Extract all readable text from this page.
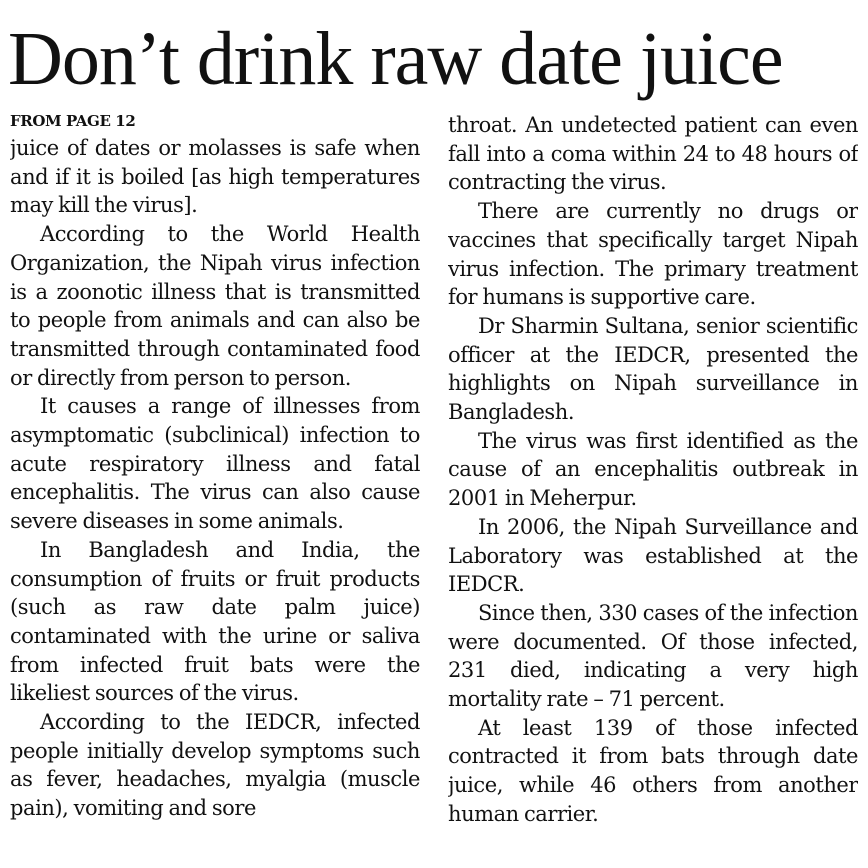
Don’t drink raw date juice
FROM PAGE 12

juice of dates or molasses is safe when and if it is boiled [as high temperatures may kill the virus].

According to the World Health Organization, the Nipah virus infection is a zoonotic illness that is transmitted to people from animals and can also be transmitted through contaminated food or directly from person to person.

It causes a range of illnesses from asymptomatic (subclinical) infection to acute respiratory illness and fatal encephalitis. The virus can also cause severe diseases in some animals.

In Bangladesh and India, the consumption of fruits or fruit products (such as raw date palm juice) contaminated with the urine or saliva from infected fruit bats were the likeliest sources of the virus.

According to the IEDCR, infected people initially develop symptoms such as fever, headaches, myalgia (muscle pain), vomiting and sore

throat. An undetected patient can even fall into a coma within 24 to 48 hours of contracting the virus.

There are currently no drugs or vaccines that specifically target Nipah virus infection. The primary treatment for humans is supportive care.

Dr Sharmin Sultana, senior scientific officer at the IEDCR, presented the highlights on Nipah surveillance in Bangladesh.

The virus was first identified as the cause of an encephalitis outbreak in 2001 in Meherpur.

In 2006, the Nipah Surveillance and Laboratory was established at the IEDCR.

Since then, 330 cases of the infection were documented. Of those infected, 231 died, indicating a very high mortality rate – 71 percent.

At least 139 of those infected contracted it from bats through date juice, while 46 others from another human carrier.
